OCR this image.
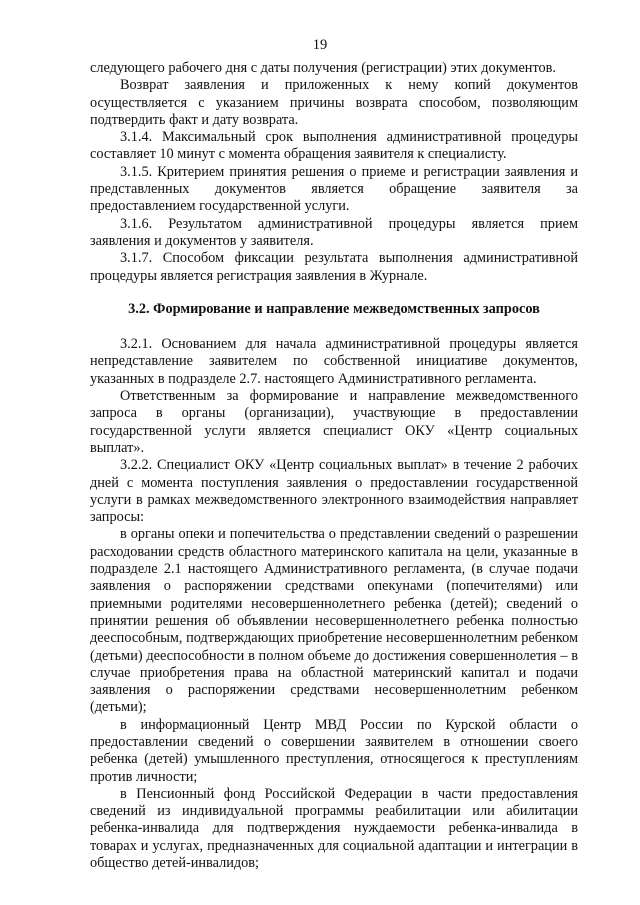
19

следующего рабочего дня с даты получения (регистрации) этих документов.

Возврат заявления и приложенных к нему копий документов осуществляется с указанием причины возврата способом, позволяющим подтвердить факт и дату возврата.

3.1.4. Максимальный срок выполнения административной процедуры составляет 10 минут с момента обращения заявителя к специалисту.

3.1.5. Критерием принятия решения о приеме и регистрации заявления и представленных документов является обращение заявителя за предоставлением государственной услуги.

3.1.6. Результатом административной процедуры является прием заявления и документов у заявителя.

3.1.7. Способом фиксации результата выполнения административной процедуры является регистрация заявления в Журнале.

3.2. Формирование и направление межведомственных запросов

3.2.1. Основанием для начала административной процедуры является непредставление заявителем по собственной инициативе документов, указанных в подразделе 2.7. настоящего Административного регламента.

Ответственным за формирование и направление межведомственного запроса в органы (организации), участвующие в предоставлении государственной услуги является специалист ОКУ «Центр социальных выплат».

3.2.2. Специалист ОКУ «Центр социальных выплат» в течение 2 рабочих дней с момента поступления заявления о предоставлении государственной услуги в рамках межведомственного электронного взаимодействия направляет запросы:

в органы опеки и попечительства о представлении сведений о разрешении расходовании средств областного материнского капитала на цели, указанные в подразделе 2.1 настоящего Административного регламента, (в случае подачи заявления о распоряжении средствами опекунами (попечителями) или приемными родителями несовершеннолетнего ребенка (детей); сведений о принятии решения об объявлении несовершеннолетнего ребенка полностью дееспособным, подтверждающих приобретение несовершеннолетним ребенком (детьми) дееспособности в полном объеме до достижения совершеннолетия – в случае приобретения права на областной материнский капитал и подачи заявления о распоряжении средствами несовершеннолетним ребенком (детьми);

в информационный Центр МВД России по Курской области о предоставлении сведений о совершении заявителем в отношении своего ребенка (детей) умышленного преступления, относящегося к преступлениям против личности;

в Пенсионный фонд Российской Федерации в части предоставления сведений из индивидуальной программы реабилитации или абилитации ребенка-инвалида для подтверждения нуждаемости ребенка-инвалида в товарах и услугах, предназначенных для социальной адаптации и интеграции в общество детей-инвалидов;
